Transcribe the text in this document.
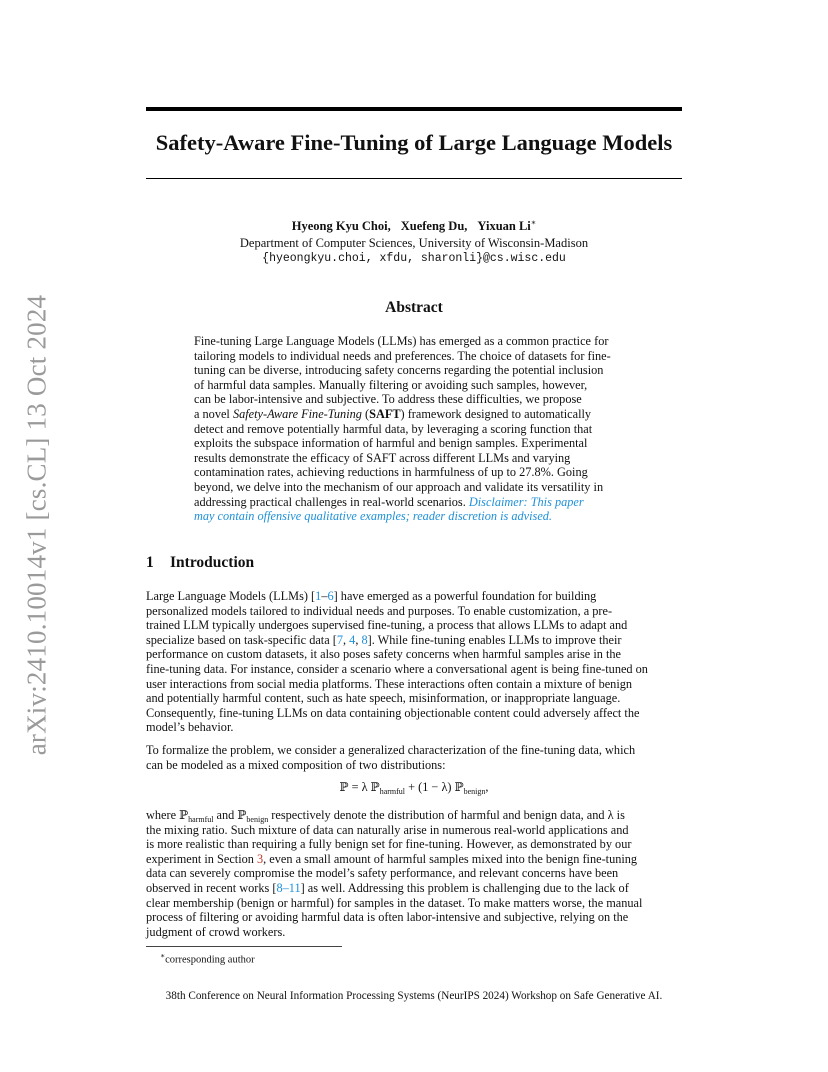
arXiv:2410.10014v1 [cs.CL] 13 Oct 2024
Safety-Aware Fine-Tuning of Large Language Models
Hyeong Kyu Choi, Xuefeng Du, Yixuan Li∗
Department of Computer Sciences, University of Wisconsin-Madison
{hyeongkyu.choi, xfdu, sharonli}@cs.wisc.edu
Abstract
Fine-tuning Large Language Models (LLMs) has emerged as a common practice for
tailoring models to individual needs and preferences. The choice of datasets for fine-
tuning can be diverse, introducing safety concerns regarding the potential inclusion
of harmful data samples. Manually filtering or avoiding such samples, however,
can be labor-intensive and subjective. To address these difficulties, we propose
a novel Safety-Aware Fine-Tuning (SAFT) framework designed to automatically
detect and remove potentially harmful data, by leveraging a scoring function that
exploits the subspace information of harmful and benign samples. Experimental
results demonstrate the efficacy of SAFT across different LLMs and varying
contamination rates, achieving reductions in harmfulness of up to 27.8%. Going
beyond, we delve into the mechanism of our approach and validate its versatility in
addressing practical challenges in real-world scenarios. Disclaimer: This paper
may contain offensive qualitative examples; reader discretion is advised.
1 Introduction
Large Language Models (LLMs) [1–6] have emerged as a powerful foundation for building
personalized models tailored to individual needs and purposes. To enable customization, a pre-
trained LLM typically undergoes supervised fine-tuning, a process that allows LLMs to adapt and
specialize based on task-specific data [7, 4, 8]. While fine-tuning enables LLMs to improve their
performance on custom datasets, it also poses safety concerns when harmful samples arise in the
fine-tuning data. For instance, consider a scenario where a conversational agent is being fine-tuned on
user interactions from social media platforms. These interactions often contain a mixture of benign
and potentially harmful content, such as hate speech, misinformation, or inappropriate language.
Consequently, fine-tuning LLMs on data containing objectionable content could adversely affect the
model’s behavior.
To formalize the problem, we consider a generalized characterization of the fine-tuning data, which
can be modeled as a mixed composition of two distributions:
ℙ = λ ℙ$_{harmful}$ + (1 − λ) ℙ$_{benign}$,
where ℙ$_{harmful}$ and ℙ$_{benign}$ respectively denote the distribution of harmful and benign data, and λ is
the mixing ratio. Such mixture of data can naturally arise in numerous real-world applications and
is more realistic than requiring a fully benign set for fine-tuning. However, as demonstrated by our
experiment in Section 3, even a small amount of harmful samples mixed into the benign fine-tuning
data can severely compromise the model’s safety performance, and relevant concerns have been
observed in recent works [8–11] as well. Addressing this problem is challenging due to the lack of
clear membership (benign or harmful) for samples in the dataset. To make matters worse, the manual
process of filtering or avoiding harmful data is often labor-intensive and subjective, relying on the
judgment of crowd workers.
∗corresponding author
38th Conference on Neural Information Processing Systems (NeurIPS 2024) Workshop on Safe Generative AI.
